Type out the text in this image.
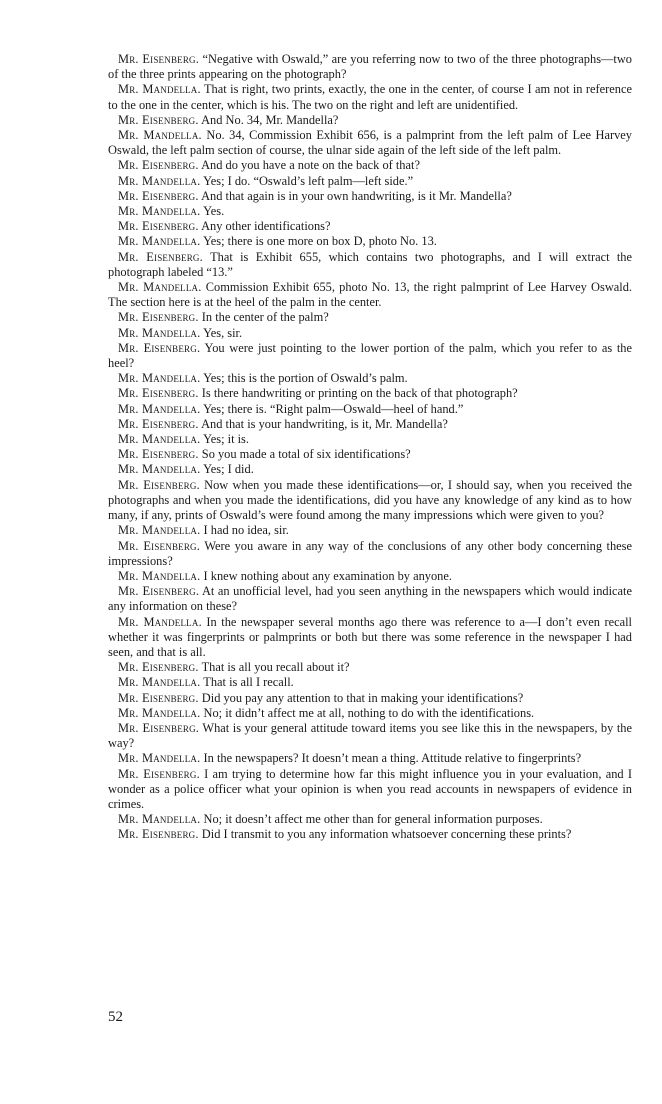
Mr. Eisenberg. “Negative with Oswald,” are you referring now to two of the three photographs—two of the three prints appearing on the photograph?

Mr. Mandella. That is right, two prints, exactly, the one in the center, of course I am not in reference to the one in the center, which is his. The two on the right and left are unidentified.

Mr. Eisenberg. And No. 34, Mr. Mandella?

Mr. Mandella. No. 34, Commission Exhibit 656, is a palmprint from the left palm of Lee Harvey Oswald, the left palm section of course, the ulnar side again of the left side of the left palm.

Mr. Eisenberg. And do you have a note on the back of that?

Mr. Mandella. Yes; I do. “Oswald’s left palm—left side.”

Mr. Eisenberg. And that again is in your own handwriting, is it Mr. Mandella?

Mr. Mandella. Yes.

Mr. Eisenberg. Any other identifications?

Mr. Mandella. Yes; there is one more on box D, photo No. 13.

Mr. Eisenberg. That is Exhibit 655, which contains two photographs, and I will extract the photograph labeled “13.”

Mr. Mandella. Commission Exhibit 655, photo No. 13, the right palmprint of Lee Harvey Oswald. The section here is at the heel of the palm in the center.

Mr. Eisenberg. In the center of the palm?

Mr. Mandella. Yes, sir.

Mr. Eisenberg. You were just pointing to the lower portion of the palm, which you refer to as the heel?

Mr. Mandella. Yes; this is the portion of Oswald’s palm.

Mr. Eisenberg. Is there handwriting or printing on the back of that photograph?

Mr. Mandella. Yes; there is. “Right palm—Oswald—heel of hand.”

Mr. Eisenberg. And that is your handwriting, is it, Mr. Mandella?

Mr. Mandella. Yes; it is.

Mr. Eisenberg. So you made a total of six identifications?

Mr. Mandella. Yes; I did.

Mr. Eisenberg. Now when you made these identifications—or, I should say, when you received the photographs and when you made the identifications, did you have any knowledge of any kind as to how many, if any, prints of Oswald’s were found among the many impressions which were given to you?

Mr. Mandella. I had no idea, sir.

Mr. Eisenberg. Were you aware in any way of the conclusions of any other body concerning these impressions?

Mr. Mandella. I knew nothing about any examination by anyone.

Mr. Eisenberg. At an unofficial level, had you seen anything in the newspapers which would indicate any information on these?

Mr. Mandella. In the newspaper several months ago there was reference to a—I don’t even recall whether it was fingerprints or palmprints or both but there was some reference in the newspaper I had seen, and that is all.

Mr. Eisenberg. That is all you recall about it?

Mr. Mandella. That is all I recall.

Mr. Eisenberg. Did you pay any attention to that in making your identifications?

Mr. Mandella. No; it didn’t affect me at all, nothing to do with the identifications.

Mr. Eisenberg. What is your general attitude toward items you see like this in the newspapers, by the way?

Mr. Mandella. In the newspapers? It doesn’t mean a thing. Attitude relative to fingerprints?

Mr. Eisenberg. I am trying to determine how far this might influence you in your evaluation, and I wonder as a police officer what your opinion is when you read accounts in newspapers of evidence in crimes.

Mr. Mandella. No; it doesn’t affect me other than for general information purposes.

Mr. Eisenberg. Did I transmit to you any information whatsoever concerning these prints?

52
